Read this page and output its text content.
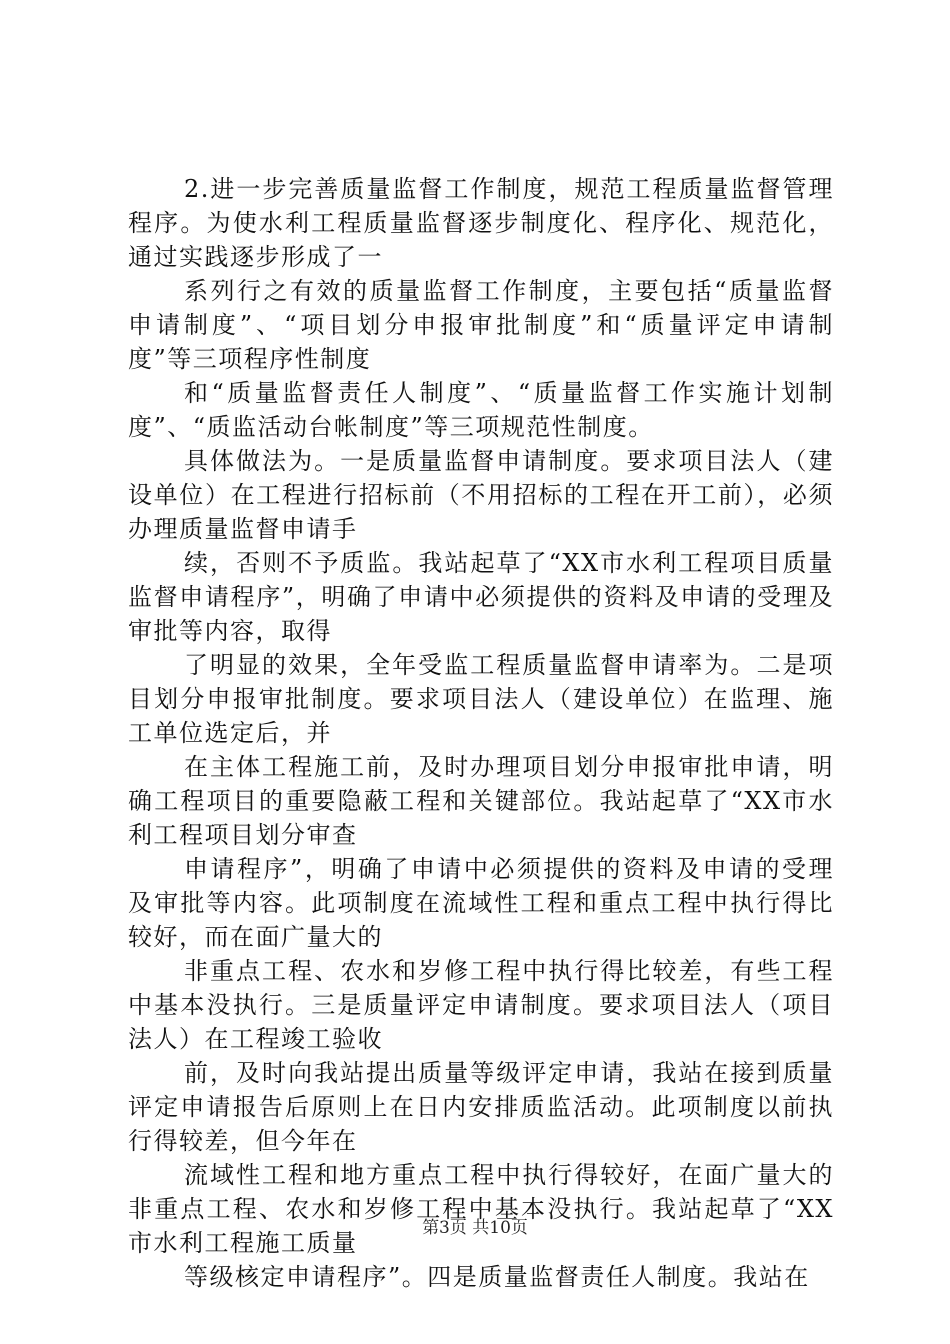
2.进一步完善质量监督工作制度，规范工程质量监督管理程序。为使水利工程质量监督逐步制度化、程序化、规范化，通过实践逐步形成了一

系列行之有效的质量监督工作制度，主要包括“质量监督申请制度”、“项目划分申报审批制度”和“质量评定申请制度”等三项程序性制度

和“质量监督责任人制度”、“质量监督工作实施计划制度”、“质监活动台帐制度”等三项规范性制度。

具体做法为。一是质量监督申请制度。要求项目法人（建设单位）在工程进行招标前（不用招标的工程在开工前），必须办理质量监督申请手

续，否则不予质监。我站起草了“XX市水利工程项目质量监督申请程序”，明确了申请中必须提供的资料及申请的受理及审批等内容，取得

了明显的效果，全年受监工程质量监督申请率为。二是项目划分申报审批制度。要求项目法人（建设单位）在监理、施工单位选定后，并

在主体工程施工前，及时办理项目划分申报审批申请，明确工程项目的重要隐蔽工程和关键部位。我站起草了“XX市水利工程项目划分审查

申请程序”，明确了申请中必须提供的资料及申请的受理及审批等内容。此项制度在流域性工程和重点工程中执行得比较好，而在面广量大的

非重点工程、农水和岁修工程中执行得比较差，有些工程中基本没执行。三是质量评定申请制度。要求项目法人（项目法人）在工程竣工验收

前，及时向我站提出质量等级评定申请，我站在接到质量评定申请报告后原则上在日内安排质监活动。此项制度以前执行得较差，但今年在

流域性工程和地方重点工程中执行得较好，在面广量大的非重点工程、农水和岁修工程中基本没执行。我站起草了“XX市水利工程施工质量

等级核定申请程序”。四是质量监督责任人制度。我站在

第3页 共10页
